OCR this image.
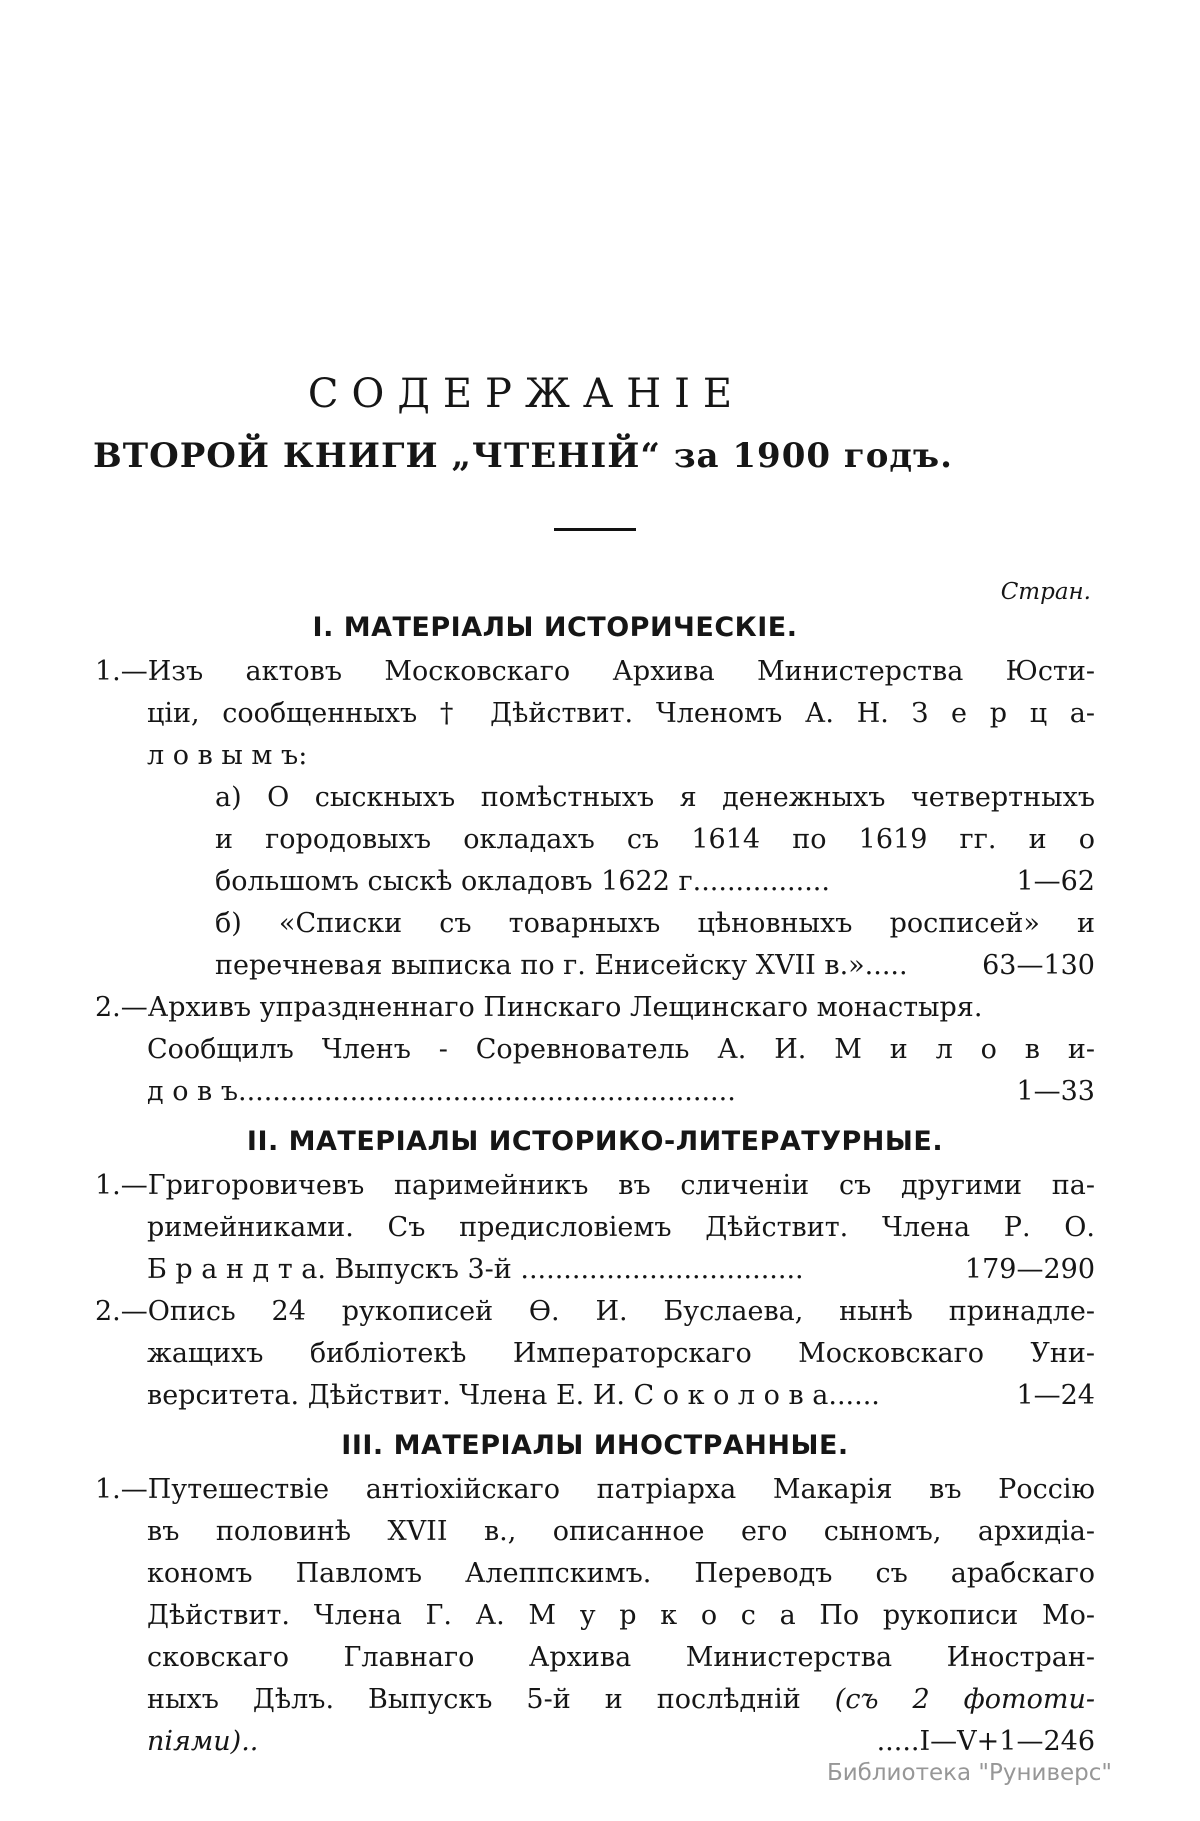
СОДЕРЖАНІЕ
ВТОРОЙ КНИГИ „ЧТЕНІЙ“ за 1900 годъ.
Стран.
I. МАТЕРІАЛЫ ИСТОРИЧЕСКІЕ.
1.—Изъ актовъ Московскаго Архива Министерства Юсти-
ціи, сообщенныхъ † Дѣйствит. Членомъ А. Н. З е р ц а-
л о в ы м ъ:
а) О сыскныхъ помѣстныхъ я денежныхъ четвертныхъ
и городовыхъ окладахъ съ 1614 по 1619 гг. и о
большомъ сыскѣ окладовъ 1622 г................	1—62
б) «Списки съ товарныхъ цѣновныхъ росписей» и
перечневая выписка по г. Енисейску XVII в.».....	63—130
2.—Архивъ упраздненнаго Пинскаго Лещинскаго монастыря.
Сообщилъ Членъ - Соревнователь А. И. М и л о в и-
д о в ъ..........................................................	1—33
II. МАТЕРІАЛЫ ИСТОРИКО-ЛИТЕРАТУРНЫЕ.
1.—Григоровичевъ паримейникъ въ сличеніи съ другими па-
римейниками. Съ предисловіемъ Дѣйствит. Члена Р. О.
Б р а н д т а. Выпускъ 3-й .................................	179—290
2.—Опись 24 рукописей Ѳ. И. Буслаева, нынѣ принадле-
жащихъ библіотекѣ Императорскаго Московскаго Уни-
верситета. Дѣйствит. Члена Е. И. С о к о л о в а......	1—24
III. МАТЕРІАЛЫ ИНОСТРАННЫЕ.
1.—Путешествіе антіохійскаго патріарха Макарія въ Россію
въ половинѣ XVII в., описанное его сыномъ, архидіа-
кономъ Павломъ Алеппскимъ. Переводъ съ арабскаго
Дѣйствит. Члена Г. А. М у р к о с а По рукописи Мо-
сковскаго Главнаго Архива Министерства Иностран-
ныхъ Дѣлъ. Выпускъ 5-й и послѣдній (съ 2 фототи-
піями)..	.....I—V+1—246
Библиотека "Руниверс"
